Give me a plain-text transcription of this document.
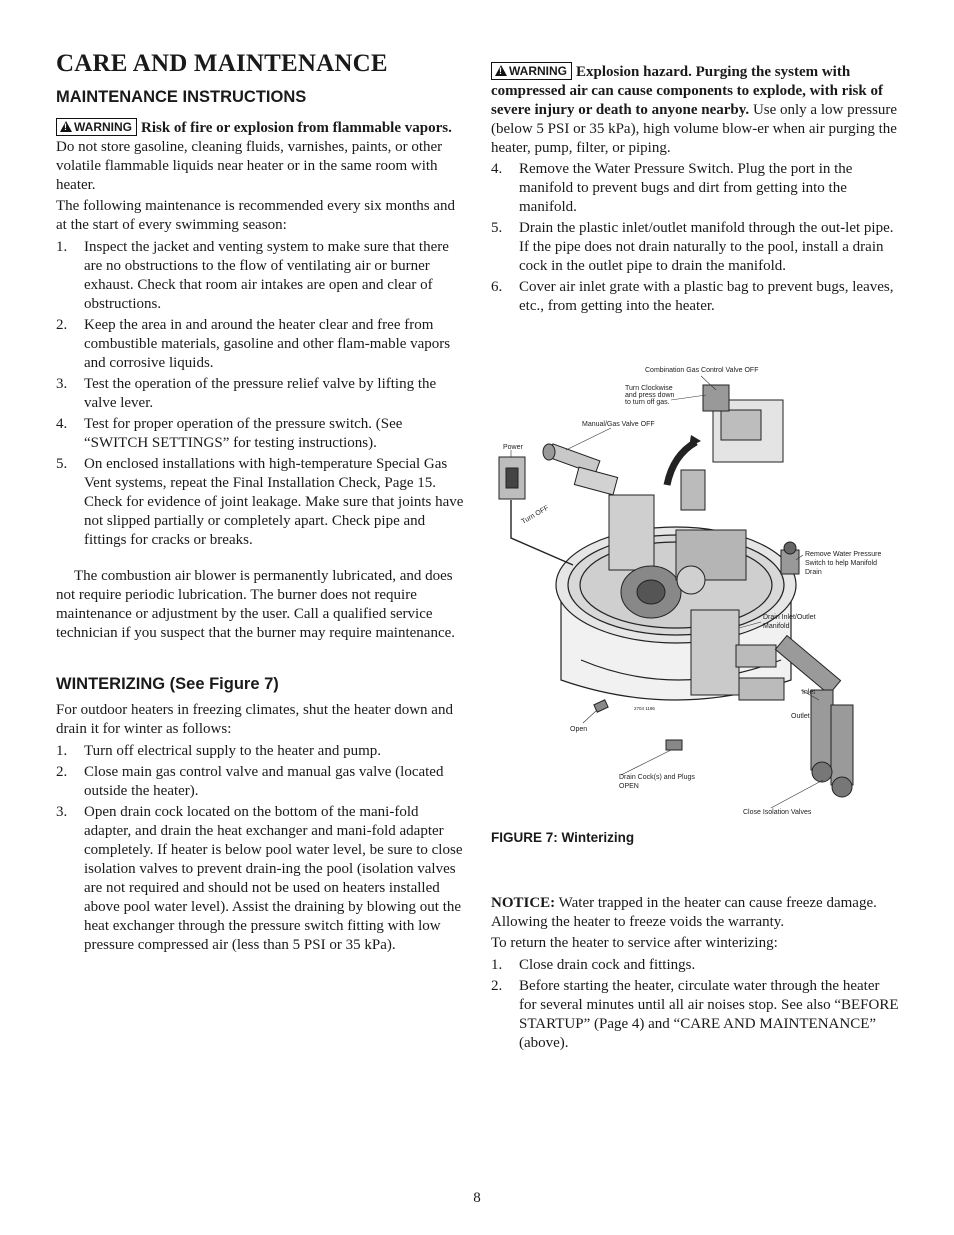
CARE AND MAINTENANCE
MAINTENANCE INSTRUCTIONS

!WARNING Risk of fire or explosion from flammable vapors. Do not store gasoline, cleaning fluids, varnishes, paints, or other volatile flammable liquids near heater or in the same room with heater.

The following maintenance is recommended every six months and at the start of every swimming season:

1. Inspect the jacket and venting system to make sure that there are no obstructions to the flow of ventilating air or burner exhaust. Check that room air intakes are open and clear of obstructions.
2. Keep the area in and around the heater clear and free from combustible materials, gasoline and other flam-mable vapors and corrosive liquids.
3. Test the operation of the pressure relief valve by lifting the valve lever.
4. Test for proper operation of the pressure switch. (See “SWITCH SETTINGS” for testing instructions).
5. On enclosed installations with high-temperature Special Gas Vent systems, repeat the Final Installation Check, Page 15. Check for evidence of joint leakage. Make sure that joints have not slipped partially or completely apart. Check pipe and fittings for cracks or breaks.

The combustion air blower is permanently lubricated, and does not require periodic lubrication. The burner does not require maintenance or adjustment by the user. Call a qualified service technician if you suspect that the burner may require maintenance.

WINTERIZING (See Figure 7)

For outdoor heaters in freezing climates, shut the heater down and drain it for winter as follows:

1. Turn off electrical supply to the heater and pump.
2. Close main gas control valve and manual gas valve (located outside the heater).
3. Open drain cock located on the bottom of the mani-fold adapter, and drain the heat exchanger and mani-fold adapter completely. If heater is below pool water level, be sure to close isolation valves to prevent drain-ing the pool (isolation valves are not required and should not be used on heaters installed above pool water level). Assist the draining by blowing out the heat exchanger through the pressure switch fitting with low pressure compressed air (less than 5 PSI or 35 kPa).

!WARNING Explosion hazard. Purging the system with compressed air can cause components to explode, with risk of severe injury or death to anyone nearby. Use only a low pressure (below 5 PSI or 35 kPa), high volume blow-er when air purging the heater, pump, filter, or piping.

4. Remove the Water Pressure Switch. Plug the port in the manifold to prevent bugs and dirt from getting into the manifold.
5. Drain the plastic inlet/outlet manifold through the out-let pipe. If the pipe does not drain naturally to the pool, install a drain cock in the outlet pipe to drain the manifold.
6. Cover air inlet grate with a plastic bag to prevent bugs, leaves, etc., from getting into the heater.
Combination Gas Control Valve OFF
Turn Clockwise
and press down
to turn off gas.
Manual/Gas Valve OFF
Power
Turn OFF
Remove Water Pressure
Switch to help Manifold
Drain
Drain Inlet/Outlet
Manifold
Inlet
Outlet
2704 1196
Open
Drain Cock(s) and Plugs
OPEN
Close Isolation Valves
FIGURE 7: Winterizing

NOTICE: Water trapped in the heater can cause freeze damage. Allowing the heater to freeze voids the warranty.

To return the heater to service after winterizing:

1. Close drain cock and fittings.
2. Before starting the heater, circulate water through the heater for several minutes until all air noises stop. See also “BEFORE STARTUP” (Page 4) and “CARE AND MAINTENANCE” (above).
8
